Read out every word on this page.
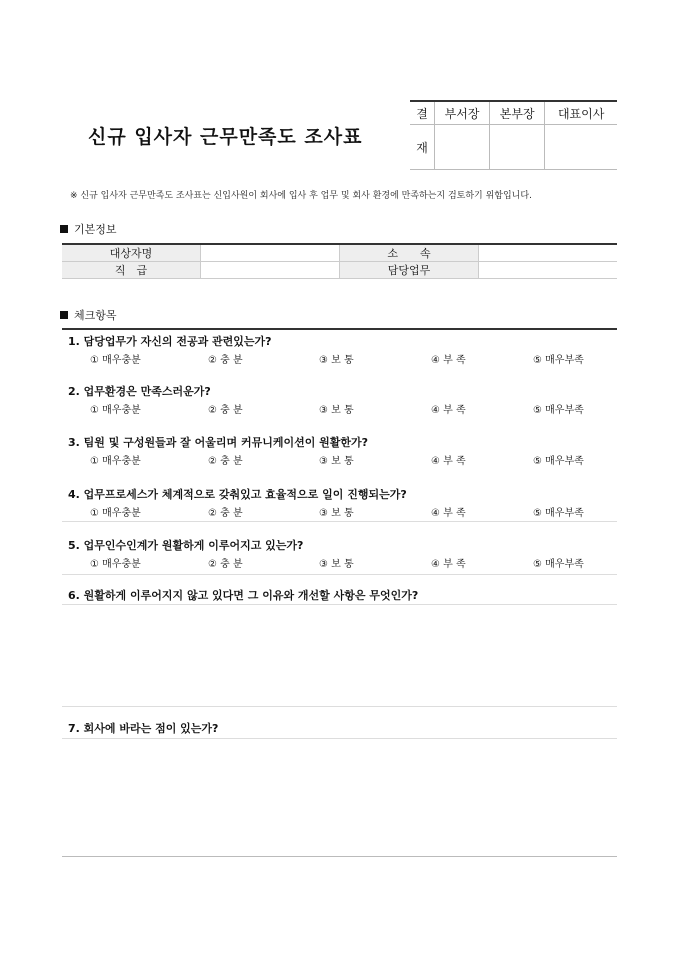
신규 입사자 근무만족도 조사표
결	부서장	본부장	대표이사
재			
※ 신규 입사자 근무만족도 조사표는 신입사원이 회사에 입사 후 업무 및 회사 환경에 만족하는지 검토하기 위함입니다.
기본정보
대상자명		소　　속	
직　급		담당업무	
체크항목
1. 담당업무가 자신의 전공과 관련있는가?
① 매우충분	② 충 분	③ 보 통	④ 부 족	⑤ 매우부족
2. 업무환경은 만족스러운가?
① 매우충분	② 충 분	③ 보 통	④ 부 족	⑤ 매우부족
3. 팀원 및 구성원들과 잘 어울리며 커뮤니케이션이 원활한가?
① 매우충분	② 충 분	③ 보 통	④ 부 족	⑤ 매우부족
4. 업무프로세스가 체계적으로 갖춰있고 효율적으로 일이 진행되는가?
① 매우충분	② 충 분	③ 보 통	④ 부 족	⑤ 매우부족
5. 업무인수인계가 원활하게 이루어지고 있는가?
① 매우충분	② 충 분	③ 보 통	④ 부 족	⑤ 매우부족
6. 원활하게 이루어지지 않고 있다면 그 이유와 개선할 사항은 무엇인가?
7. 회사에 바라는 점이 있는가?
